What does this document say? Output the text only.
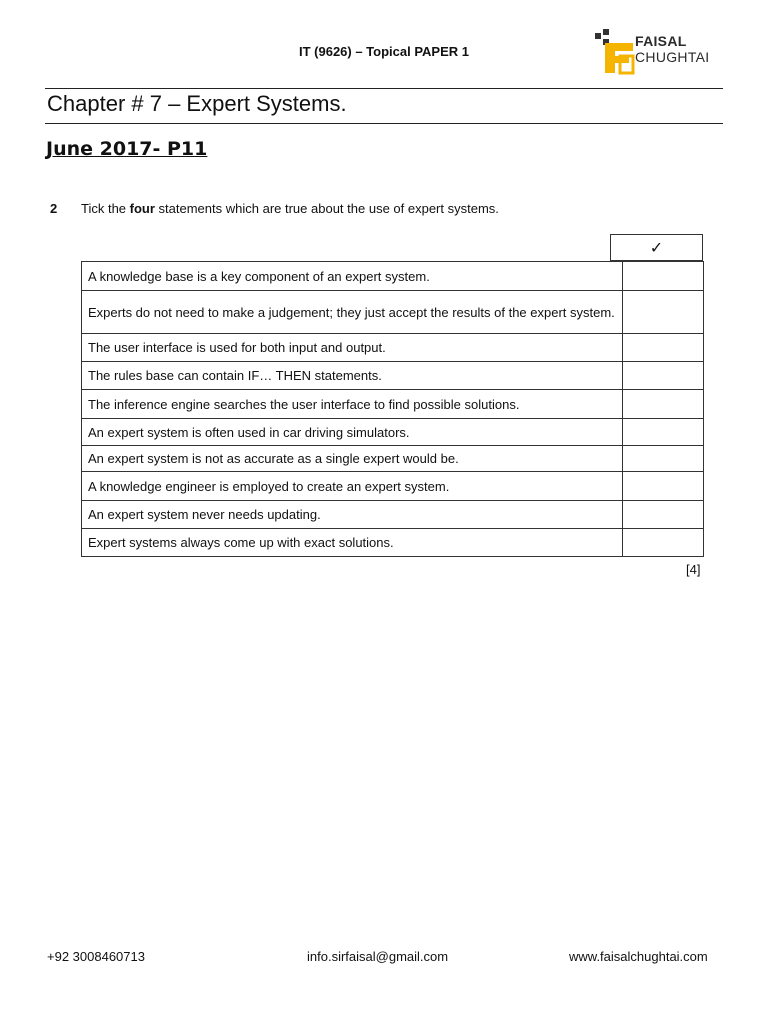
IT (9626) – Topical PAPER 1
FAISAL
CHUGHTAI
Chapter # 7 – Expert Systems.
June 2017- P11
2 Tick the four statements which are true about the use of expert systems.
✓
A knowledge base is a key component of an expert system.	
Experts do not need to make a judgement; they just accept the results of the expert system.	
The user interface is used for both input and output.	
The rules base can contain IF… THEN statements.	
The inference engine searches the user interface to find possible solutions.	
An expert system is often used in car driving simulators.	
An expert system is not as accurate as a single expert would be.	
A knowledge engineer is employed to create an expert system.	
An expert system never needs updating.	
Expert systems always come up with exact solutions.	
[4]
+92 3008460713	info.sirfaisal@gmail.com	www.faisalchughtai.com
